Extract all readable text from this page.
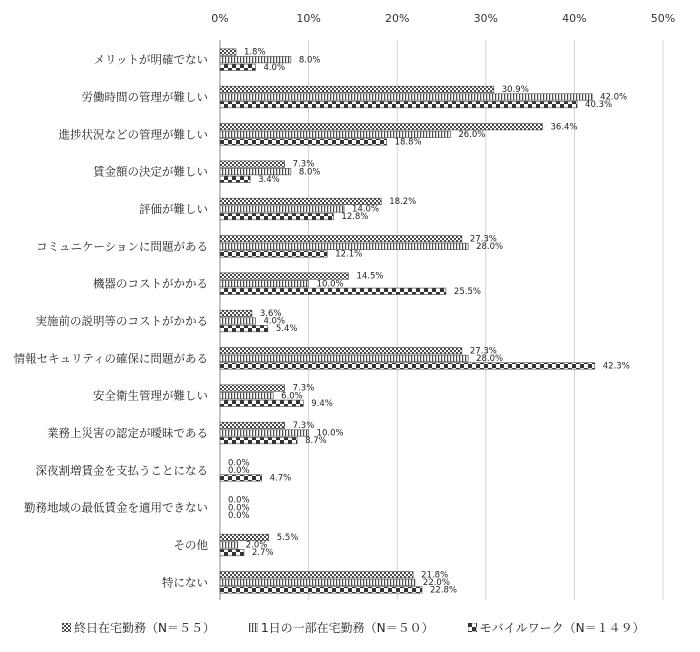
0%	10%	20%	30%	40%	50%
メリットが明確でない
労働時間の管理が難しい
進捗状況などの管理が難しい
賃金額の決定が難しい
評価が難しい
コミュニケーションに問題がある
機器のコストがかかる
実施前の説明等のコストがかかる
情報セキュリティの確保に問題がある
安全衛生管理が難しい
業務上災害の認定が曖昧である
深夜割増賃金を支払うことになる
勤務地域の最低賃金を適用できない
その他
特にない
1.8%
8.0%
4.0%
30.9%
42.0%
40.3%
36.4%
26.0%
18.8%
7.3%
8.0%
3.4%
18.2%
14.0%
12.8%
27.3%
28.0%
12.1%
14.5%
10.0%
25.5%
3.6%
4.0%
5.4%
27.3%
28.0%
42.3%
7.3%
6.0%
9.4%
7.3%
10.0%
8.7%
0.0%
0.0%
4.7%
0.0%
0.0%
0.0%
5.5%
2.0%
2.7%
21.8%
22.0%
22.8%
終日在宅勤務（N＝５５）	1日の一部在宅勤務（N＝５０）	モバイルワーク（N＝１４９）
